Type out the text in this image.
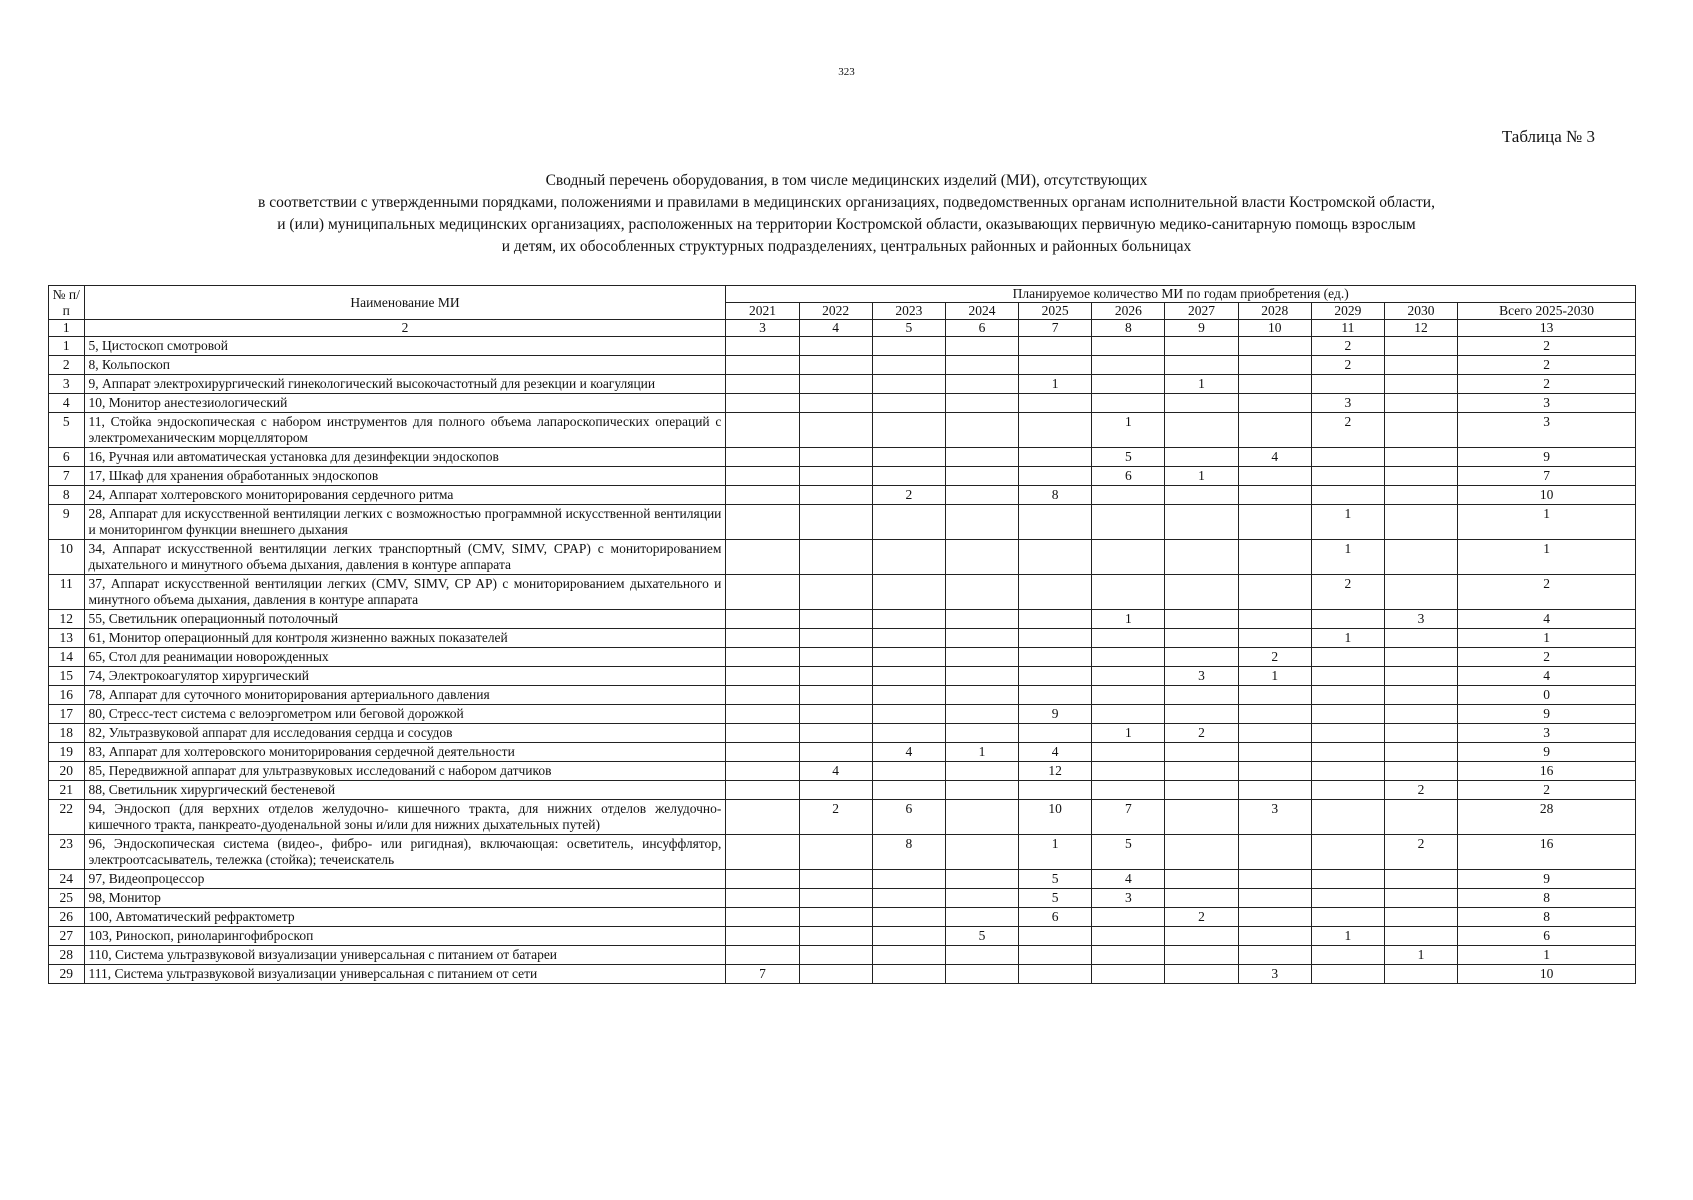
323
Таблица № 3
Сводный перечень оборудования, в том числе медицинских изделий (МИ), отсутствующих
в соответствии с утвержденными порядками, положениями и правилами в медицинских организациях, подведомственных органам исполнительной власти Костромской области,
и (или) муниципальных медицинских организациях, расположенных на территории Костромской области, оказывающих первичную медико-санитарную помощь взрослым
и детям, их обособленных структурных подразделениях, центральных районных и районных больницах
№ п/п	Наименование МИ	Планируемое количество МИ по годам приобретения (ед.)										
		2021	2022	2023	2024	2025	2026	2027	2028	2029	2030	Всего 2025-2030
1	2	3	4	5	6	7	8	9	10	11	12	13
1	5, Цистоскоп смотровой									2		2
2	8, Кольпоскоп									2		2
3	9, Аппарат электрохирургический гинекологический высокочастотный для резекции и коагуляции					1		1				2
4	10, Монитор анестезиологический									3		3
5	11, Стойка эндоскопическая с набором инструментов для полного объема лапароскопических операций с электромеханическим морцеллятором						1			2		3
6	16, Ручная или автоматическая установка для дезинфекции эндоскопов						5		4			9
7	17, Шкаф для хранения обработанных эндоскопов						6	1				7
8	24, Аппарат холтеровского мониторирования сердечного ритма			2		8						10
9	28, Аппарат для искусственной вентиляции легких с возможностью программной искусственной вентиляции и мониторингом функции внешнего дыхания									1		1
10	34, Аппарат искусственной вентиляции легких транспортный (CMV, SIMV, CPAP) с мониторированием дыхательного и минутного объема дыхания, давления в контуре аппарата									1		1
11	37, Аппарат искусственной вентиляции легких (CMV, SIMV, CP AP) с мониторированием дыхательного и минутного объема дыхания, давления в контуре аппарата									2		2
12	55, Светильник операционный потолочный						1				3	4
13	61, Монитор операционный для контроля жизненно важных показателей									1		1
14	65, Стол для реанимации новорожденных								2			2
15	74, Электрокоагулятор хирургический							3	1			4
16	78, Аппарат для суточного мониторирования артериального давления											0
17	80, Стресс-тест система с велоэргометром или беговой дорожкой					9						9
18	82, Ультразвуковой аппарат для исследования сердца и сосудов						1	2				3
19	83, Аппарат для холтеровского мониторирования сердечной деятельности			4	1	4						9
20	85, Передвижной аппарат для ультразвуковых исследований с набором датчиков		4			12						16
21	88, Светильник хирургический бестеневой										2	2
22	94, Эндоскоп (для верхних отделов желудочно- кишечного тракта, для нижних отделов желудочно-кишечного тракта, панкреато-дуоденальной зоны и/или для нижних дыхательных путей)		2	6		10	7		3			28
23	96, Эндоскопическая система (видео-, фибро- или ригидная), включающая: осветитель, инсуффлятор, электроотсасыватель, тележка (стойка); течеискатель			8		1	5				2	16
24	97, Видеопроцессор					5	4					9
25	98, Монитор					5	3					8
26	100, Автоматический рефрактометр					6		2				8
27	103, Риноскоп, риноларингофиброскоп				5					1		6
28	110, Система ультразвуковой визуализации универсальная с питанием от батареи										1	1
29	111, Система ультразвуковой визуализации универсальная с питанием от сети	7							3			10
